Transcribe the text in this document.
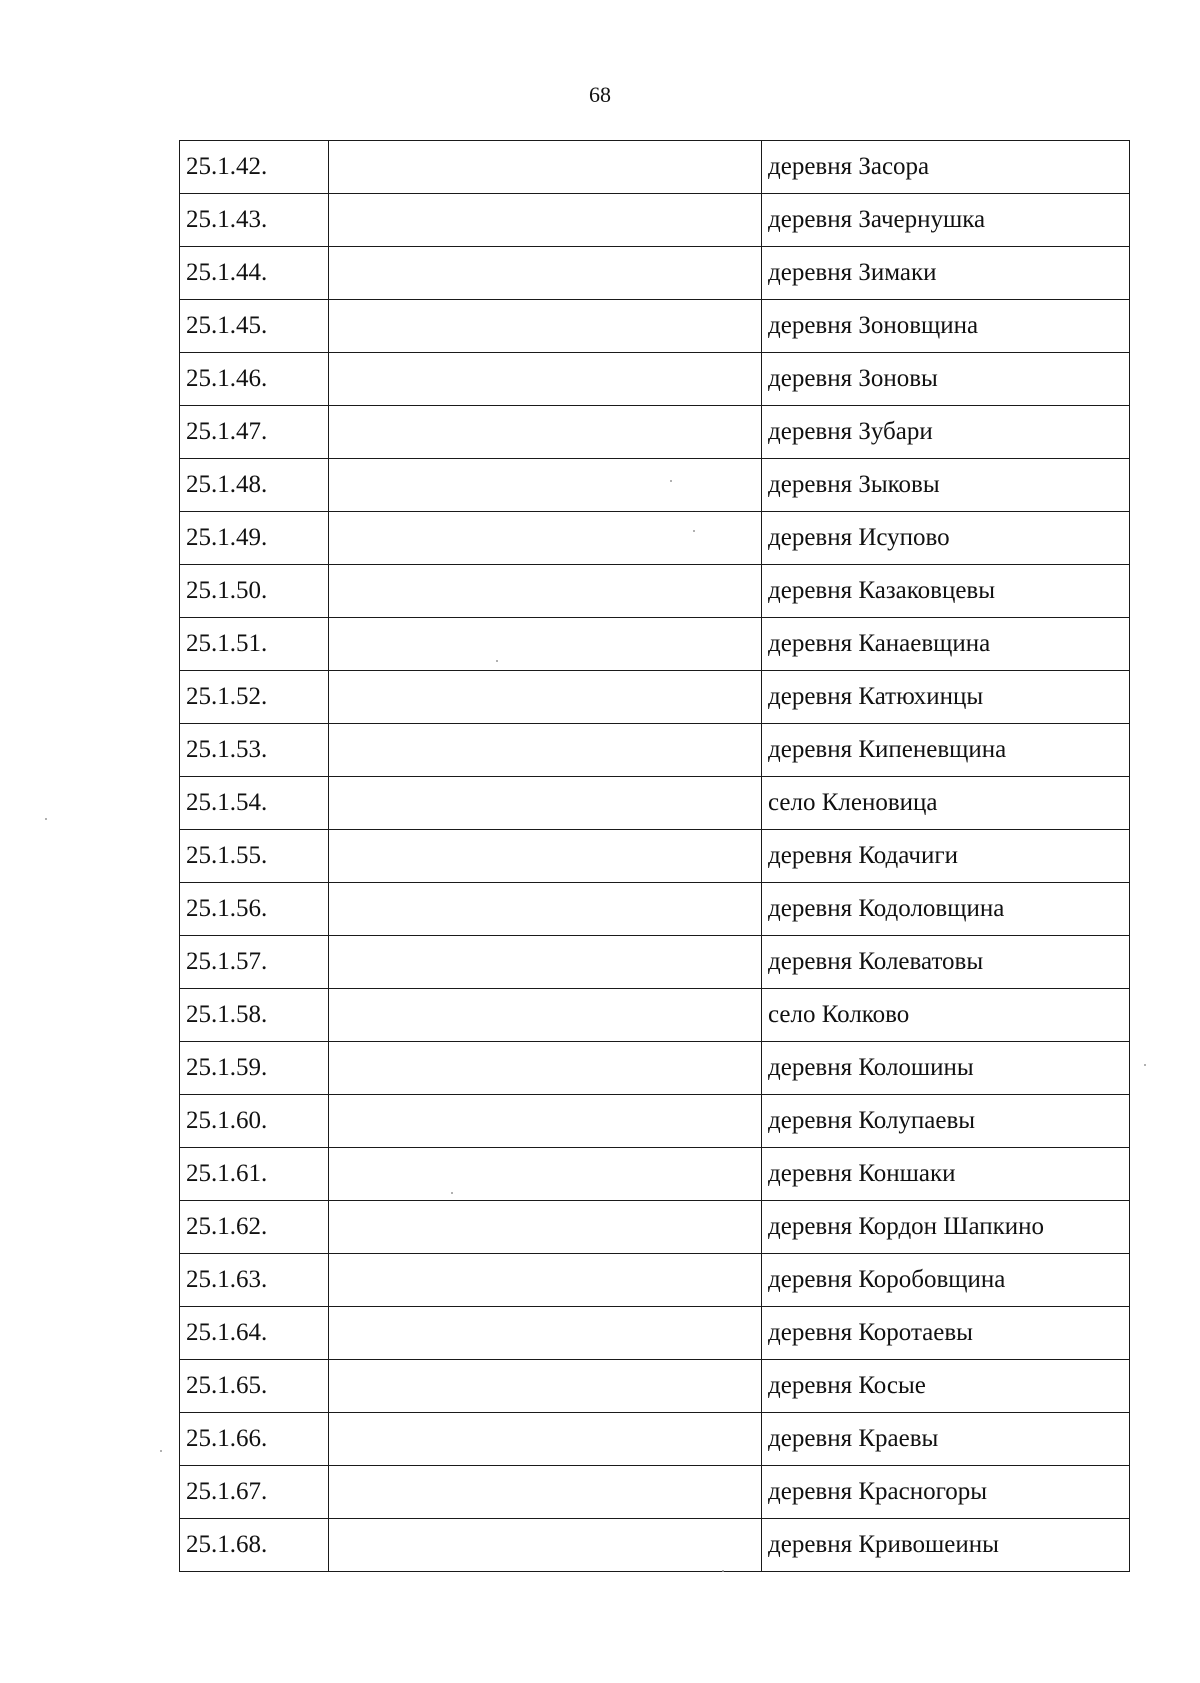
68
25.1.42.		деревня Засора
25.1.43.		деревня Зачернушка
25.1.44.		деревня Зимаки
25.1.45.		деревня Зоновщина
25.1.46.		деревня Зоновы
25.1.47.		деревня Зубари
25.1.48.		деревня Зыковы
25.1.49.		деревня Исупово
25.1.50.		деревня Казаковцевы
25.1.51.		деревня Канаевщина
25.1.52.		деревня Катюхинцы
25.1.53.		деревня Кипеневщина
25.1.54.		село Кленовица
25.1.55.		деревня Кодачиги
25.1.56.		деревня Кодоловщина
25.1.57.		деревня Колеватовы
25.1.58.		село Колково
25.1.59.		деревня Колошины
25.1.60.		деревня Колупаевы
25.1.61.		деревня Коншаки
25.1.62.		деревня Кордон Шапкино
25.1.63.		деревня Коробовщина
25.1.64.		деревня Коротаевы
25.1.65.		деревня Косые
25.1.66.		деревня Краевы
25.1.67.		деревня Красногоры
25.1.68.		деревня Кривошеины
